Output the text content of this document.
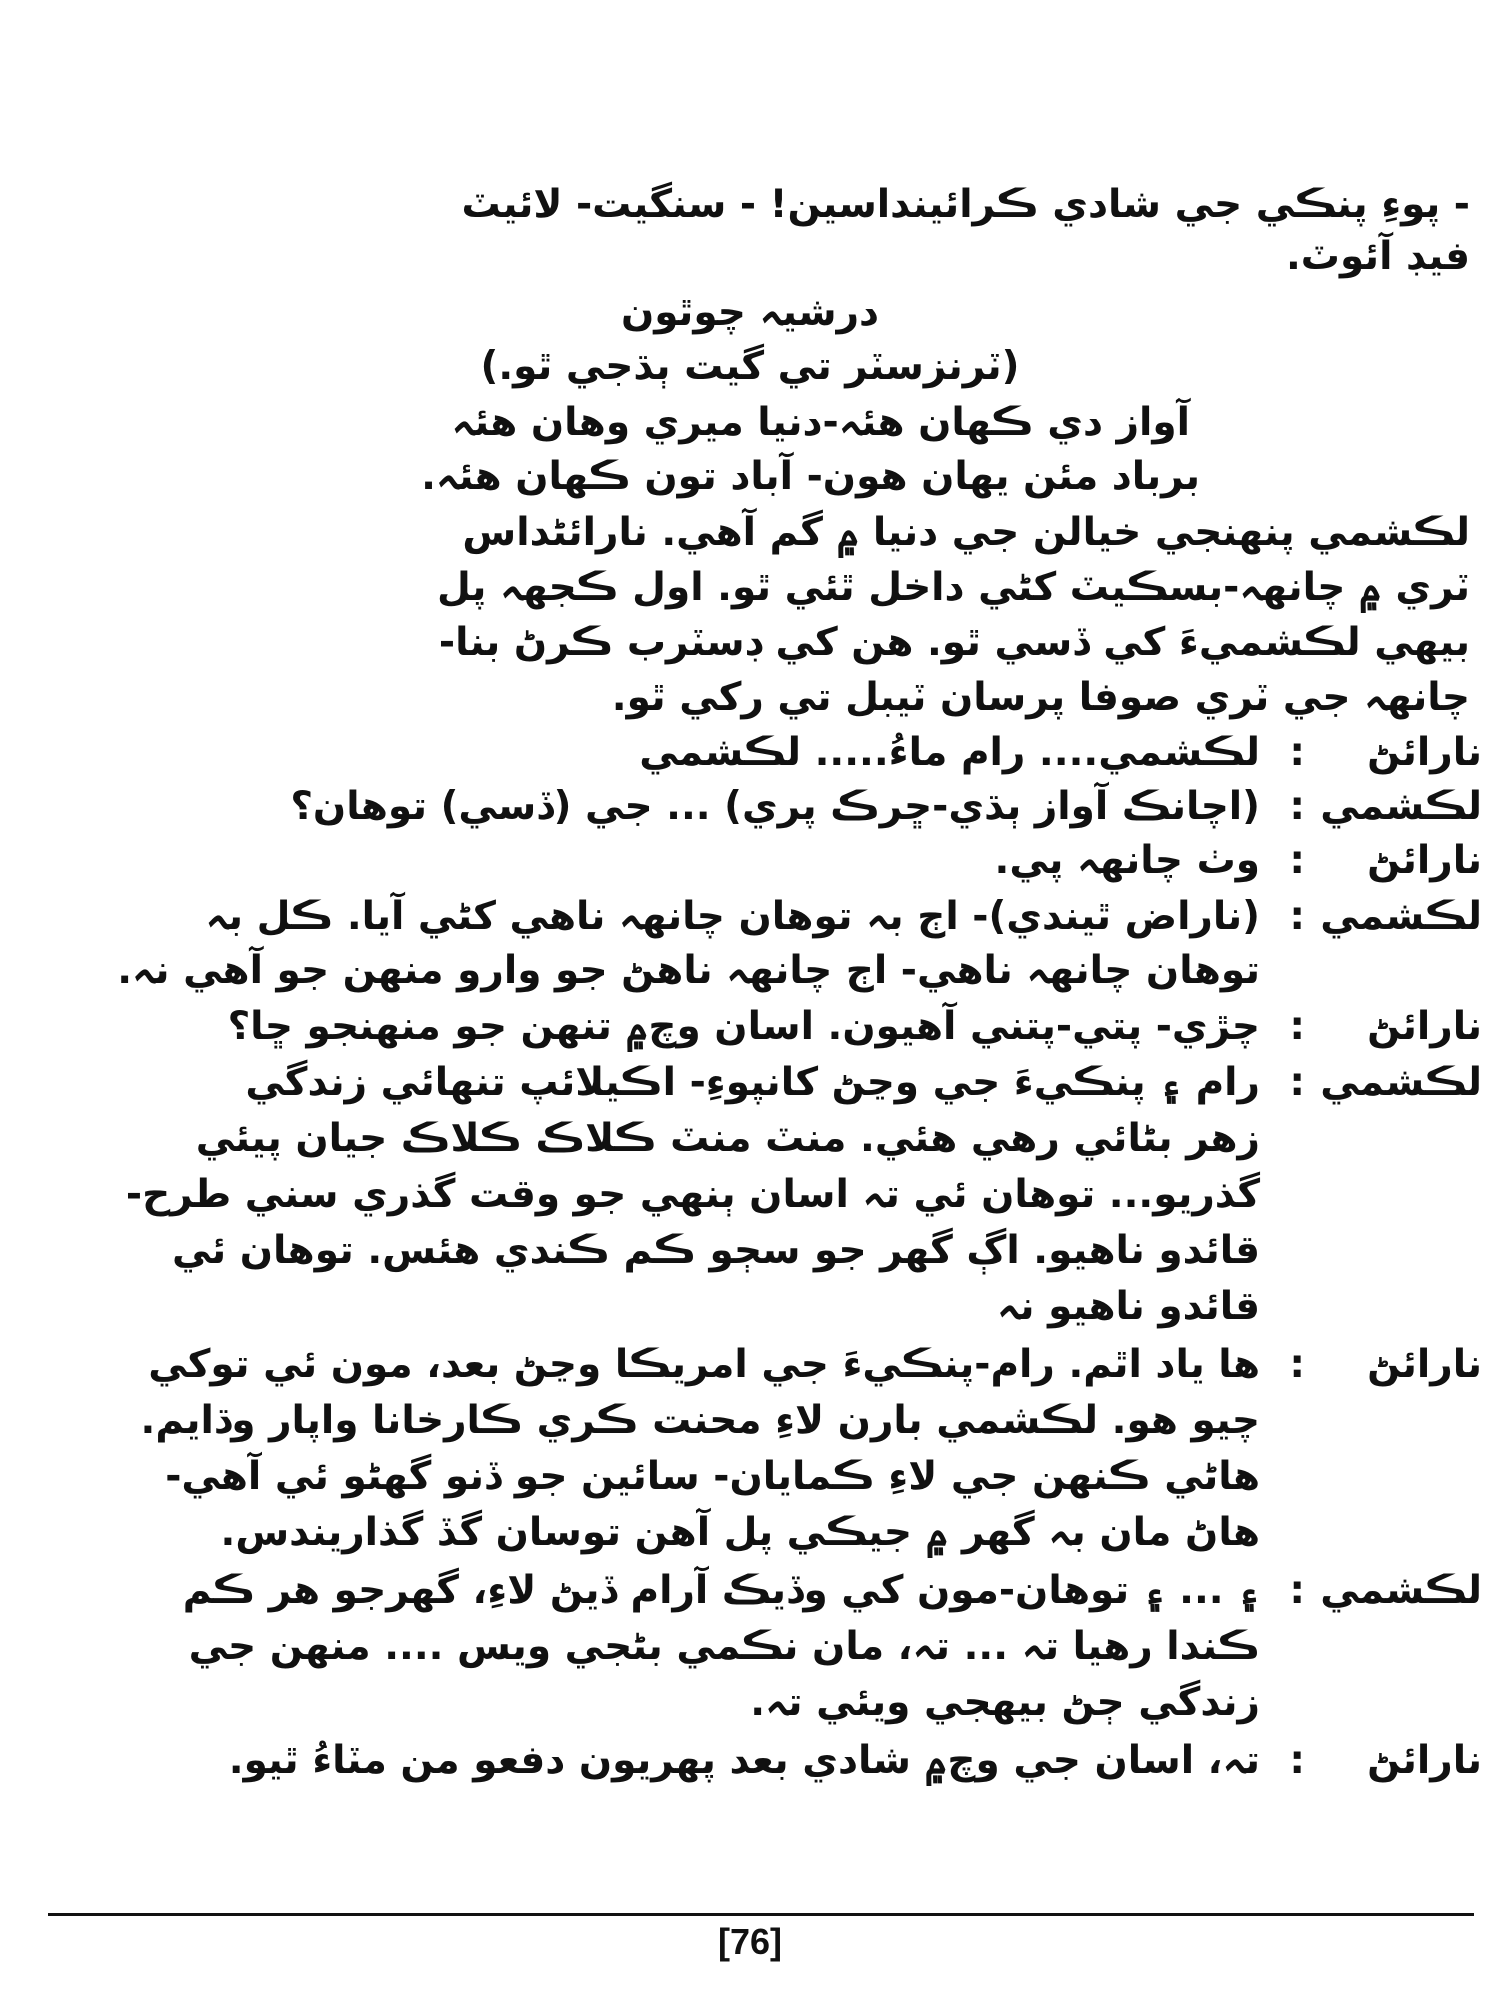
- پوءِ پنڪي جي شادي ڪرائينداسين! - سنگيت- لائيٽ
فيڊ آئوٽ.
درشيہ چوٿون
(ٽرنزسٽر تي گيت ٻڌجي ٿو.)
آواز دي ڪهان هئہ-دنيا ميري وهان هئہ
برباد مئن يهان هون- آباد تون ڪهان هئہ.
لڪشمي پنهنجي خيالن جي دنيا ۾ گم آهي. نارائڻداس
ٽري ۾ چانهہ-بسڪيٽ کڻي داخل ٿئي ٿو. اول ڪجهہ پل
بيهي لڪشميءَ کي ڏسي ٿو. هن کي ڊسٽرب ڪرڻ بنا-
چانهہ جي ٽري صوفا پرسان ٽيبل تي رکي ٿو.
نارائڻ
:
لڪشمي.... رام ماءُ..... لڪشمي
لڪشمي
:
(اچانڪ آواز ٻڌي-ڇرڪ پري) ... جي (ڏسي) توهان؟
نارائڻ
:
وٺ چانهہ پي.
لڪشمي
:
(ناراض ٿيندي)- اڄ بہ توهان چانهہ ناهي کڻي آيا. ڪل بہ
توهان چانهہ ناهي- اڄ چانهہ ناهڻ جو وارو منهن جو آهي نہ.
نارائڻ
:
چڙي- پتي-پتني آهيون. اسان وچ۾ تنهن جو منهنجو ڇا؟
لڪشمي
:
رام ۽ پنڪيءَ جي وڃڻ کانپوءِ- اڪيلائپ تنهائي زندگي
زهر بڻائي رهي هئي. منٽ منٽ ڪلاڪ ڪلاڪ جيان پيئي
گذريو... توهان ئي تہ اسان ٻنهي جو وقت گذري سني طرح-
قائدو ناهيو. اڳ گهر جو سڄو ڪم ڪندي هئس. توهان ئي
قائدو ناهيو نہ
نارائڻ
:
ها ياد اٿم. رام-پنڪيءَ جي امريڪا وڃڻ بعد، مون ئي توکي
چيو هو. لڪشمي بارن لاءِ محنت ڪري ڪارخانا واپار وڌايم.
هاڻي ڪنهن جي لاءِ ڪمايان- سائين جو ڏنو گهڻو ئي آهي-
هاڻ مان بہ گهر ۾ جيڪي پل آهن توسان گڏ گذاريندس.
لڪشمي
:
۽ ... ۽ توهان-مون کي وڏيڪ آرام ڏيڻ لاءِ، گهرجو هر ڪم
ڪندا رهيا تہ ... تہ، مان نڪمي بڻجي ويس .... منهن جي
زندگي ڄڻ بيهجي ويئي تہ.
نارائڻ
:
تہ، اسان جي وچ۾ شادي بعد پهريون دفعو من مٽاءُ ٿيو.
[76]
